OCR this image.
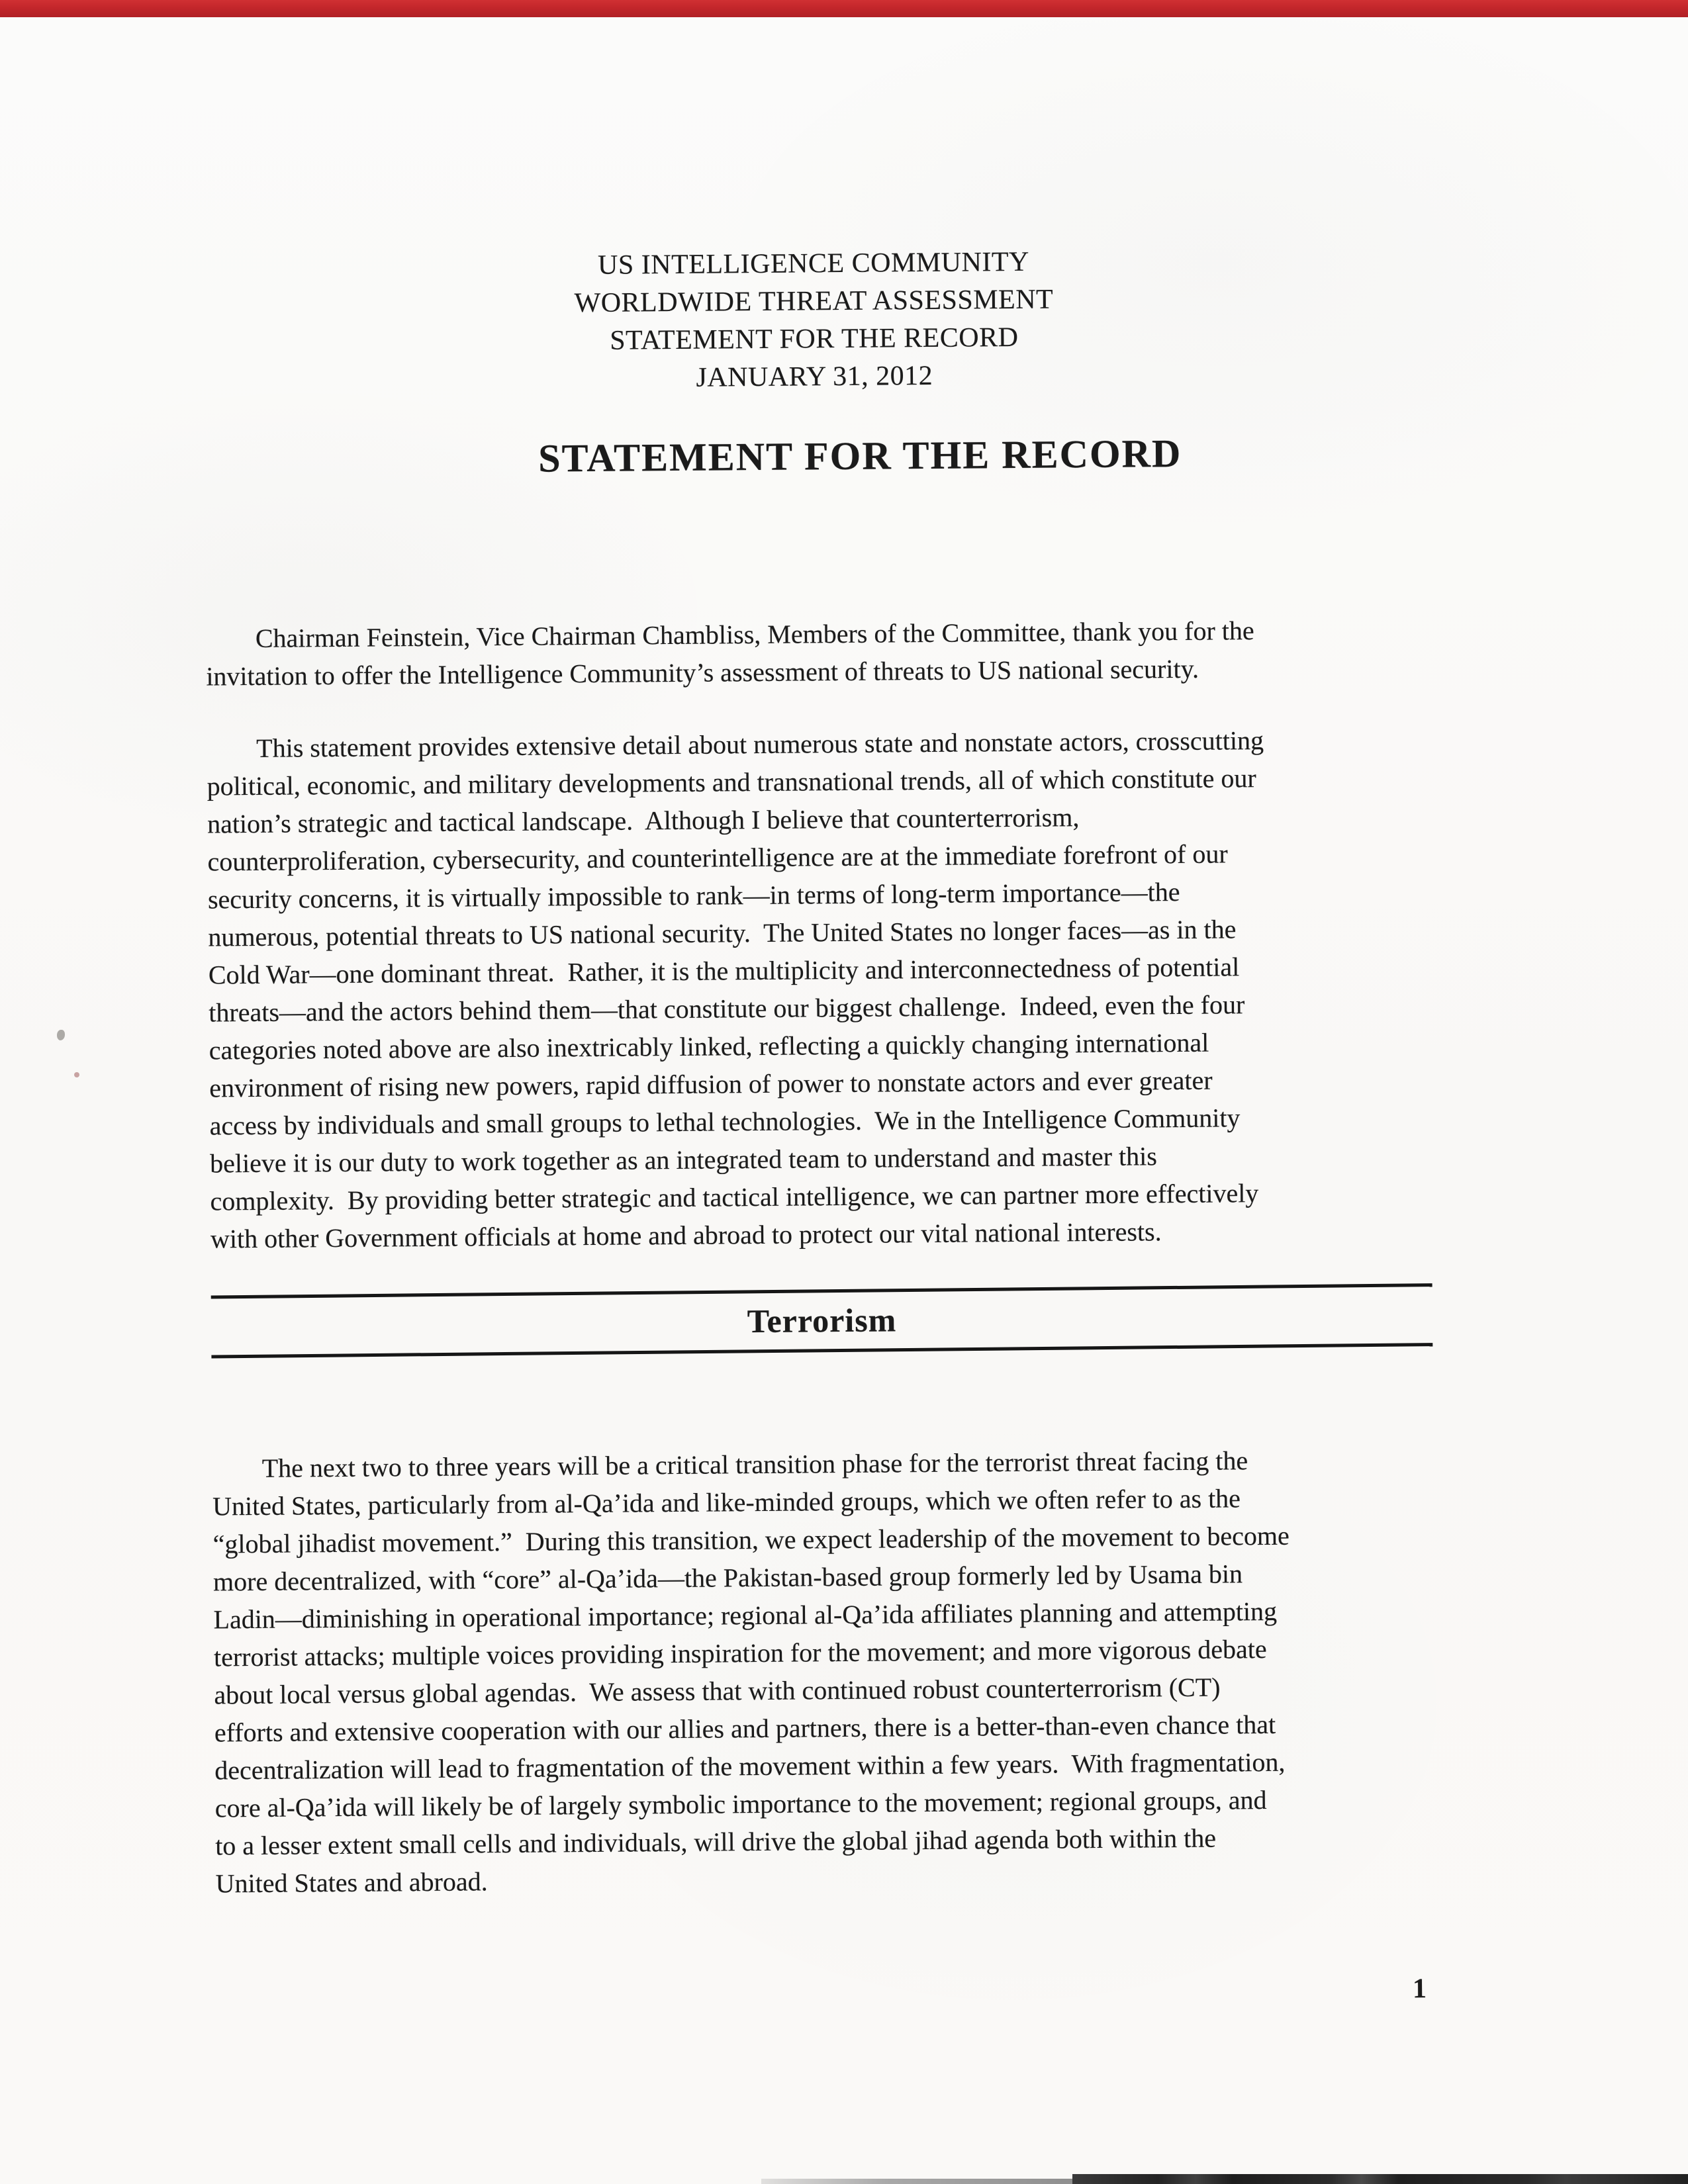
US INTELLIGENCE COMMUNITY
WORLDWIDE THREAT ASSESSMENT
STATEMENT FOR THE RECORD
JANUARY 31, 2012
STATEMENT FOR THE RECORD
Chairman Feinstein, Vice Chairman Chambliss, Members of the Committee, thank you for the
invitation to offer the Intelligence Community’s assessment of threats to US national security.
This statement provides extensive detail about numerous state and nonstate actors, crosscutting
political, economic, and military developments and transnational trends, all of which constitute our
nation’s strategic and tactical landscape.  Although I believe that counterterrorism,
counterproliferation, cybersecurity, and counterintelligence are at the immediate forefront of our
security concerns, it is virtually impossible to rank—in terms of long-term importance—the
numerous, potential threats to US national security.  The United States no longer faces—as in the
Cold War—one dominant threat.  Rather, it is the multiplicity and interconnectedness of potential
threats—and the actors behind them—that constitute our biggest challenge.  Indeed, even the four
categories noted above are also inextricably linked, reflecting a quickly changing international
environment of rising new powers, rapid diffusion of power to nonstate actors and ever greater
access by individuals and small groups to lethal technologies.  We in the Intelligence Community
believe it is our duty to work together as an integrated team to understand and master this
complexity.  By providing better strategic and tactical intelligence, we can partner more effectively
with other Government officials at home and abroad to protect our vital national interests.
Terrorism
The next two to three years will be a critical transition phase for the terrorist threat facing the
United States, particularly from al-Qa’ida and like-minded groups, which we often refer to as the
“global jihadist movement.”  During this transition, we expect leadership of the movement to become
more decentralized, with “core” al-Qa’ida—the Pakistan-based group formerly led by Usama bin
Ladin—diminishing in operational importance; regional al-Qa’ida affiliates planning and attempting
terrorist attacks; multiple voices providing inspiration for the movement; and more vigorous debate
about local versus global agendas.  We assess that with continued robust counterterrorism (CT)
efforts and extensive cooperation with our allies and partners, there is a better-than-even chance that
decentralization will lead to fragmentation of the movement within a few years.  With fragmentation,
core al-Qa’ida will likely be of largely symbolic importance to the movement; regional groups, and
to a lesser extent small cells and individuals, will drive the global jihad agenda both within the
United States and abroad.
1
